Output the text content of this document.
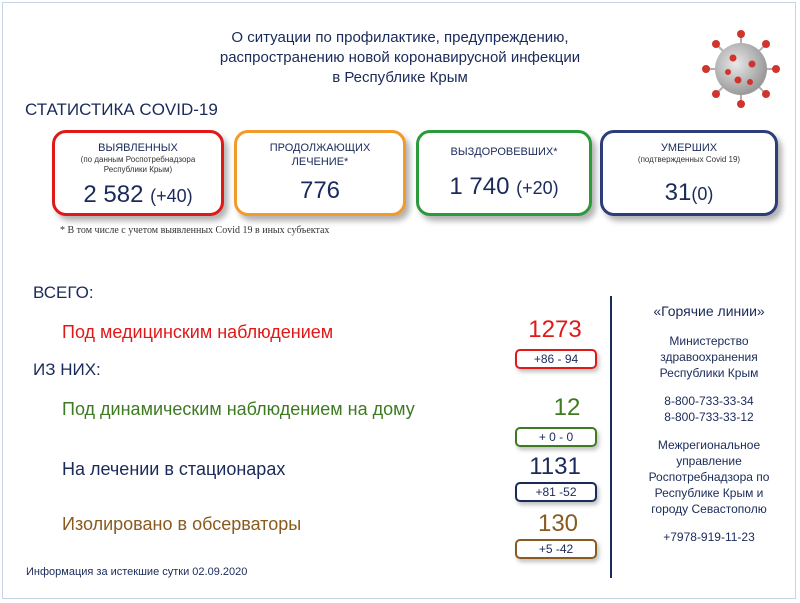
О ситуации по профилактике, предупреждению,
распространению новой коронавирусной инфекции
в Республике Крым
СТАТИСТИКА COVID-19
ВЫЯВЛЕННЫХ
(по данным Роспотребнадзора
Республики Крым)
2 582 (+40)
ПРОДОЛЖАЮЩИХ
ЛЕЧЕНИЕ*
776
ВЫЗДОРОВЕВШИХ*
1 740 (+20)
УМЕРШИХ
(подтвержденных Covid 19)
31(0)
* В том числе с учетом выявленных Covid 19 в иных субъектах
ВСЕГО:
ИЗ НИХ:
Под медицинским наблюдением	1273
+86 - 94
Под динамическим наблюдением на дому	12
+ 0 - 0
На лечении в стационарах	1131
+81 -52
Изолировано в обсерваторы	130
+5 -42
«Горячие линии»
Министерство
здравоохранения
Республики Крым
8-800-733-33-34
8-800-733-33-12
Межрегиональное
управление
Роспотребнадзора по
Республике Крым и
городу Севастополю
+7978-919-11-23
Информация за истекшие сутки 02.09.2020
